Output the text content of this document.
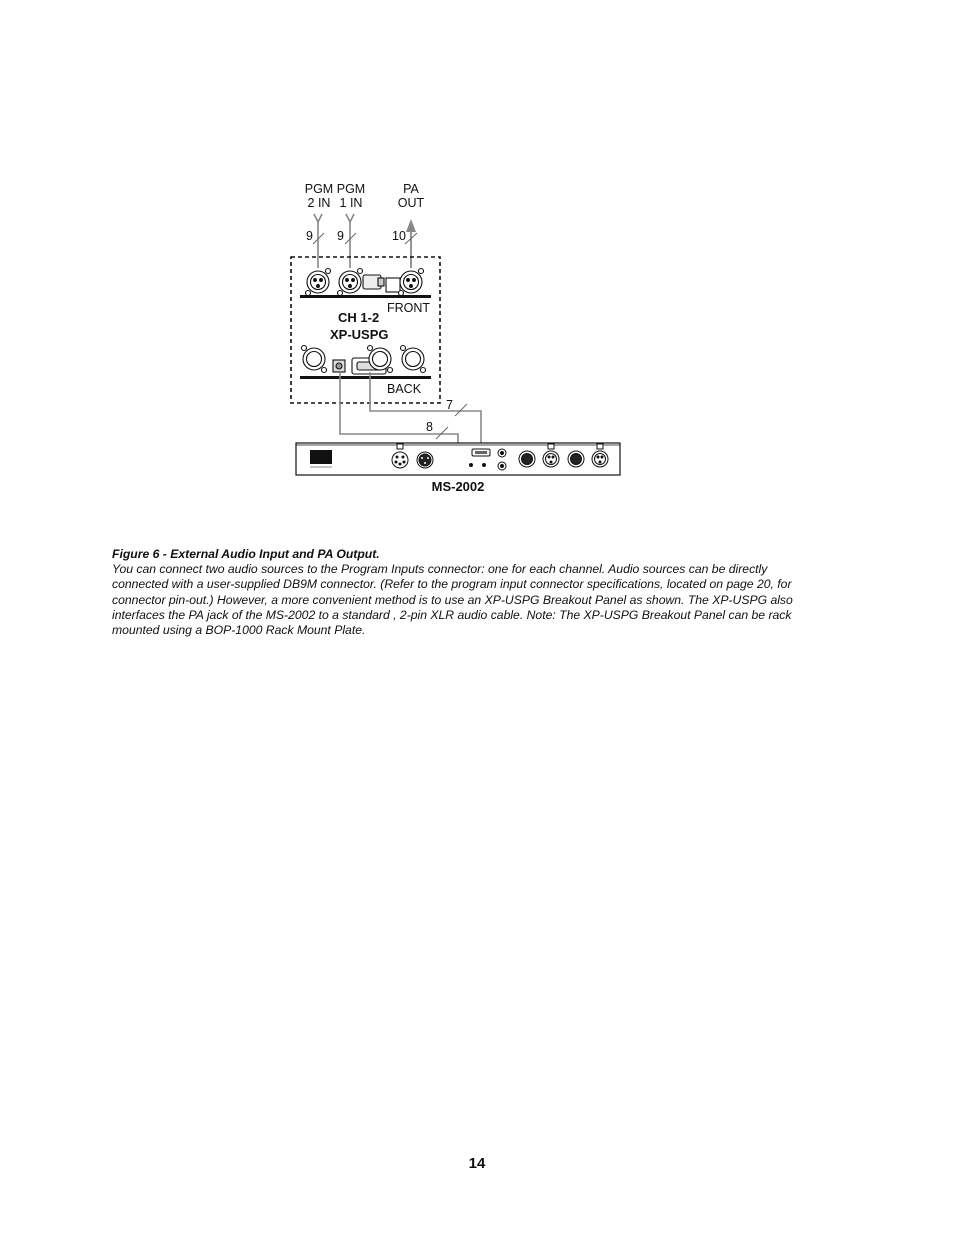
PGM
2 IN
PGM
1 IN
PA
OUT
9 9	10
FRONT
CH 1-2
XP-USPG
BACK
7
8
MS-2002
Figure 6 - External Audio Input and PA Output.
You can connect two audio sources to the Program Inputs connector: one for each channel. Audio sources can be directly connected with a user-supplied DB9M connector. (Refer to the program input connector specifications, located on page 20, for connector pin-out.) However, a more convenient method is to use an XP-USPG Breakout Panel as shown. The XP-USPG also interfaces the PA jack of the MS-2002 to a standard , 2-pin XLR audio cable. Note: The XP-USPG Breakout Panel can be rack mounted using a BOP-1000 Rack Mount Plate.
14
